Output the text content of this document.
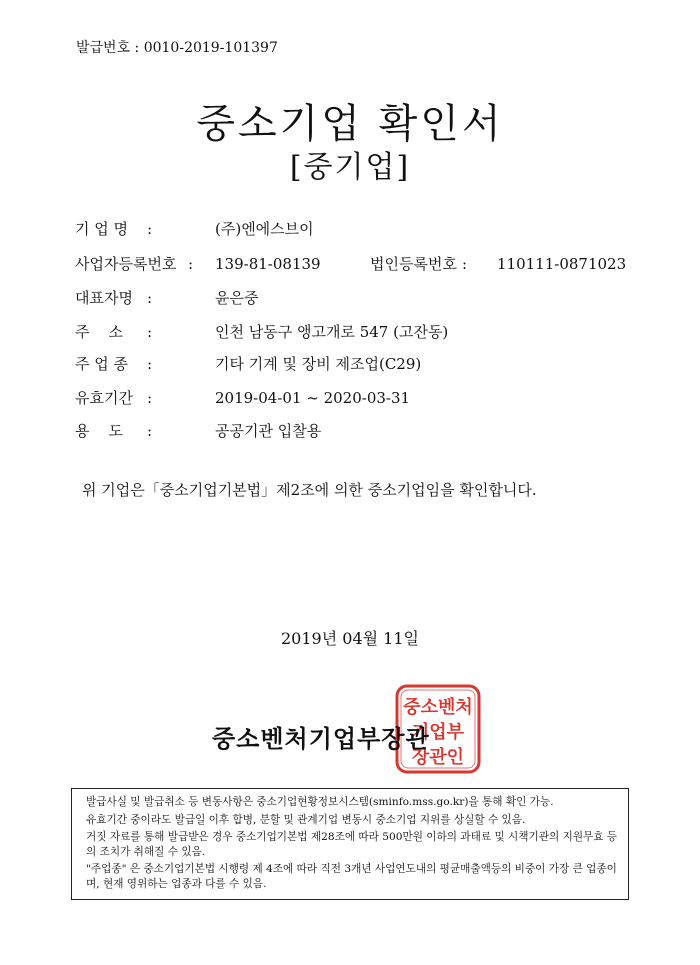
발급번호 : 0010-2019-101397
중소기업 확인서
[중기업]
기 업 명 :	(주)엔에스브이
사업자등록번호 : 139-81-08139	법인등록번호 : 110111-0871023
대표자명 :	윤은중
주    소 :	인천 남동구 앵고개로 547 (고잔동)
주 업 종 :	기타 기계 및 장비 제조업(C29)
유효기간 :	2019-04-01 ~ 2020-03-31
용    도 :	공공기관 입찰용
위 기업은「중소기업기본법」제2조에 의한 중소기업임을 확인합니다.
2019년 04월 11일
중소벤처
기업부
장관인
중소벤처기업부장관

발급사실 및 발급취소 등 변동사항은 중소기업현황정보시스템(sminfo.mss.go.kr)을 통해 확인 가능.

유효기간 중이라도 발급일 이후 합병, 분할 및 관계기업 변동시 중소기업 지위를 상실할 수 있음.

거짓 자료를 통해 발급받은 경우 중소기업기본법 제28조에 따라 500만원 이하의 과태료 및 시책기관의 지원무효 등의 조치가 취해질 수 있음.

"주업종" 은 중소기업기본법 시행령 제 4조에 따라 직전 3개년 사업연도내의 평균매출액등의 비중이 가장 큰 업종이며, 현재 영위하는 업종과 다를 수 있음.
